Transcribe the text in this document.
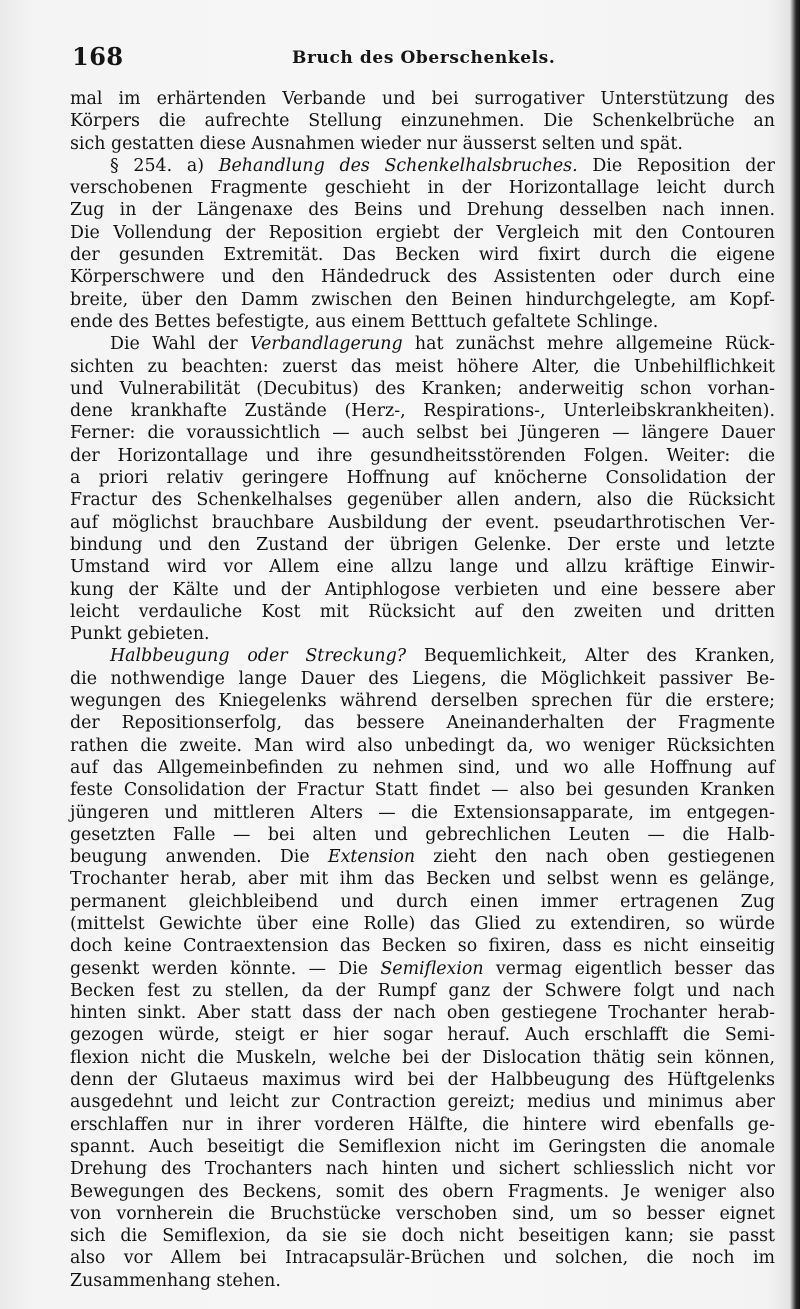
168	Bruch des Oberschenkels.
mal im erhärtenden Verbande und bei surrogativer Unterstützung des
Körpers die aufrechte Stellung einzunehmen. Die Schenkelbrüche an
sich gestatten diese Ausnahmen wieder nur äusserst selten und spät.
§ 254. a) Behandlung des Schenkelhalsbruches. Die Reposition der
verschobenen Fragmente geschieht in der Horizontallage leicht durch
Zug in der Längenaxe des Beins und Drehung desselben nach innen.
Die Vollendung der Reposition ergiebt der Vergleich mit den Contouren
der gesunden Extremität. Das Becken wird fixirt durch die eigene
Körperschwere und den Händedruck des Assistenten oder durch eine
breite, über den Damm zwischen den Beinen hindurchgelegte, am Kopf-
ende des Bettes befestigte, aus einem Betttuch gefaltete Schlinge.
Die Wahl der Verbandlagerung hat zunächst mehre allgemeine Rück-
sichten zu beachten: zuerst das meist höhere Alter, die Unbehilflichkeit
und Vulnerabilität (Decubitus) des Kranken; anderweitig schon vorhan-
dene krankhafte Zustände (Herz-, Respirations-, Unterleibskrankheiten).
Ferner: die voraussichtlich — auch selbst bei Jüngeren — längere Dauer
der Horizontallage und ihre gesundheitsstörenden Folgen. Weiter: die
a priori relativ geringere Hoffnung auf knöcherne Consolidation der
Fractur des Schenkelhalses gegenüber allen andern, also die Rücksicht
auf möglichst brauchbare Ausbildung der event. pseudarthrotischen Ver-
bindung und den Zustand der übrigen Gelenke. Der erste und letzte
Umstand wird vor Allem eine allzu lange und allzu kräftige Einwir-
kung der Kälte und der Antiphlogose verbieten und eine bessere aber
leicht verdauliche Kost mit Rücksicht auf den zweiten und dritten
Punkt gebieten.
Halbbeugung oder Streckung? Bequemlichkeit, Alter des Kranken,
die nothwendige lange Dauer des Liegens, die Möglichkeit passiver Be-
wegungen des Kniegelenks während derselben sprechen für die erstere;
der Repositionserfolg, das bessere Aneinanderhalten der Fragmente
rathen die zweite. Man wird also unbedingt da, wo weniger Rücksichten
auf das Allgemeinbefinden zu nehmen sind, und wo alle Hoffnung auf
feste Consolidation der Fractur Statt findet — also bei gesunden Kranken
jüngeren und mittleren Alters — die Extensionsapparate, im entgegen-
gesetzten Falle — bei alten und gebrechlichen Leuten — die Halb-
beugung anwenden. Die Extension zieht den nach oben gestiegenen
Trochanter herab, aber mit ihm das Becken und selbst wenn es gelänge,
permanent gleichbleibend und durch einen immer ertragenen Zug
(mittelst Gewichte über eine Rolle) das Glied zu extendiren, so würde
doch keine Contraextension das Becken so fixiren, dass es nicht einseitig
gesenkt werden könnte. — Die Semiflexion vermag eigentlich besser das
Becken fest zu stellen, da der Rumpf ganz der Schwere folgt und nach
hinten sinkt. Aber statt dass der nach oben gestiegene Trochanter herab-
gezogen würde, steigt er hier sogar herauf. Auch erschlafft die Semi-
flexion nicht die Muskeln, welche bei der Dislocation thätig sein können,
denn der Glutaeus maximus wird bei der Halbbeugung des Hüftgelenks
ausgedehnt und leicht zur Contraction gereizt; medius und minimus aber
erschlaffen nur in ihrer vorderen Hälfte, die hintere wird ebenfalls ge-
spannt. Auch beseitigt die Semiflexion nicht im Geringsten die anomale
Drehung des Trochanters nach hinten und sichert schliesslich nicht vor
Bewegungen des Beckens, somit des obern Fragments. Je weniger also
von vornherein die Bruchstücke verschoben sind, um so besser eignet
sich die Semiflexion, da sie sie doch nicht beseitigen kann; sie passt
also vor Allem bei Intracapsulär-Brüchen und solchen, die noch im
Zusammenhang stehen.
